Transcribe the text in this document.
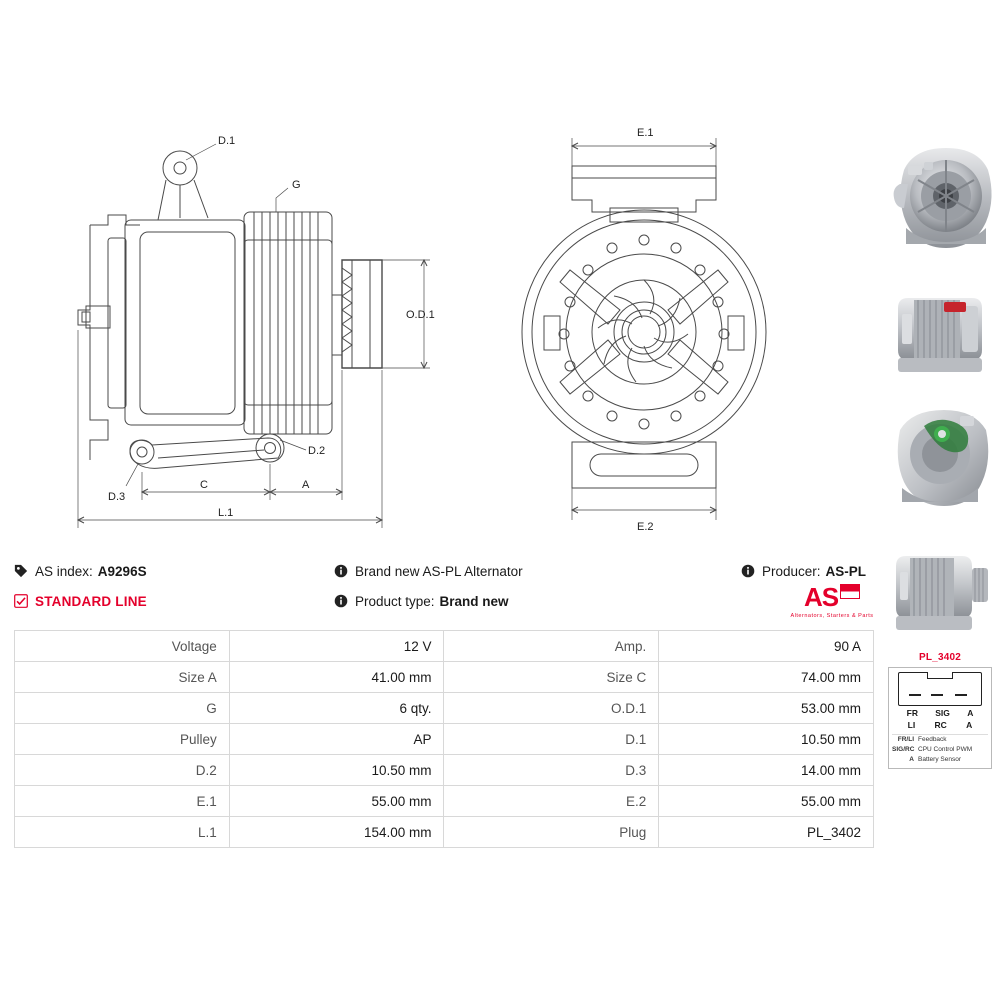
D.1
G
O.D.1
D.2
D.3
C	A
L.1
E.1
E.2
PL_3402
FR SIG A
LI RC A
FR/LI Feedback
SIG/RC CPU Control PWM
A Battery Sensor
AS index: A9296S	Brand new AS-PL Alternator	Producer: AS-PL
STANDARD LINE	Product type: Brand new	AS
Alternators, Starters & Parts
Voltage	12 V	Amp.	90 A
Size A	41.00 mm	Size C	74.00 mm
G	6 qty.	O.D.1	53.00 mm
Pulley	AP	D.1	10.50 mm
D.2	10.50 mm	D.3	14.00 mm
E.1	55.00 mm	E.2	55.00 mm
L.1	154.00 mm	Plug	PL_3402
